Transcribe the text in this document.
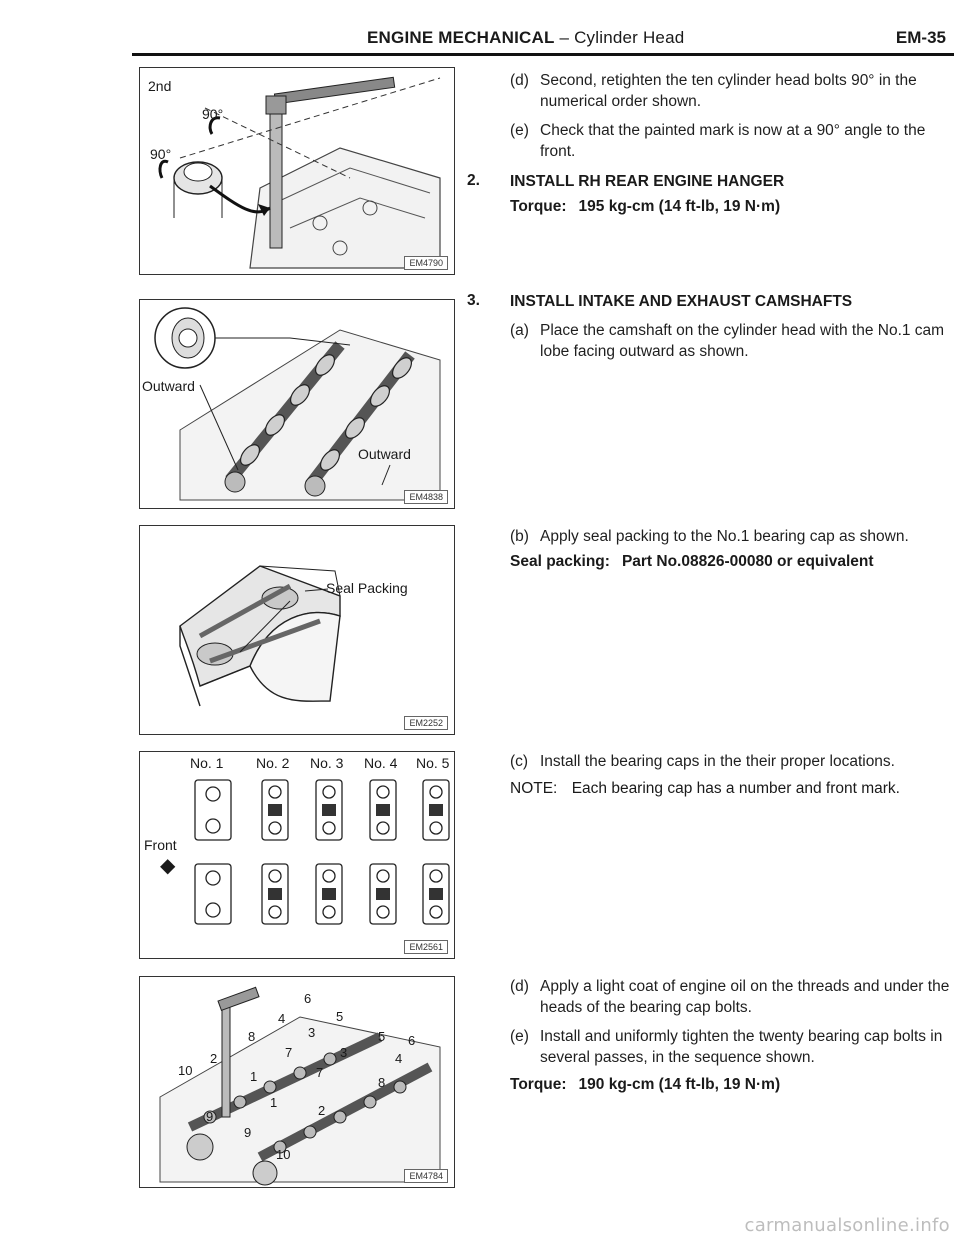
ENGINE MECHANICAL – Cylinder Head	EM-35
2nd
90°
90°
EM4790
Outward
Outward
EM4838
Seal Packing
EM2252
No. 1 No. 2 No. 3 No. 4 No. 5
Front
◆
EM2561
6
4	5
8	3	5 6
2	7	3	4
10	1	7
8
1
9	2
9
10
EM4784
(d) Second, retighten the ten cylinder head bolts 90° in the numerical order shown.
(e) Check that the painted mark is now at a 90° angle to the front.
2. INSTALL RH REAR ENGINE HANGER
Torque: 195 kg-cm (14 ft-lb, 19 N·m)
3. INSTALL INTAKE AND EXHAUST CAMSHAFTS
(a) Place the camshaft on the cylinder head with the No.1 cam lobe facing outward as shown.
(b) Apply seal packing to the No.1 bearing cap as shown.
Seal packing: Part No.08826-00080 or equivalent
(c) Install the bearing caps in the their proper locations.
NOTE: Each bearing cap has a number and front mark.
(d) Apply a light coat of engine oil on the threads and under the heads of the bearing cap bolts.
(e) Install and uniformly tighten the twenty bearing cap bolts in several passes, in the sequence shown.
Torque: 190 kg-cm (14 ft-lb, 19 N·m)
carmanualsonline.info
